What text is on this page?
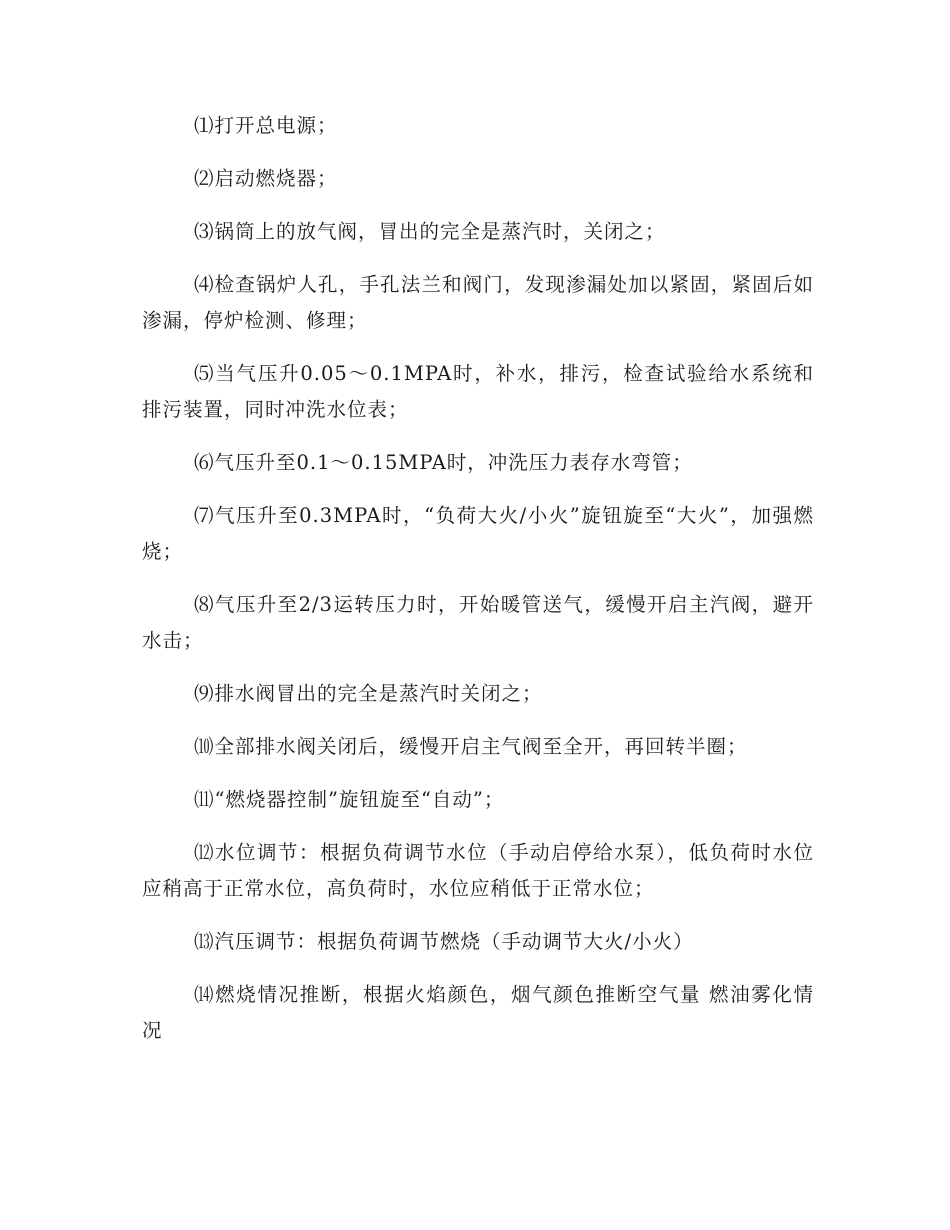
⑴打开总电源；

⑵启动燃烧器；

⑶锅筒上的放气阀，冒出的完全是蒸汽时，关闭之；

⑷检查锅炉人孔，手孔法兰和阀门，发现渗漏处加以紧固，紧固后如渗漏，停炉检测、修理；

⑸当气压升0.05～0.1MPA时，补水，排污，检查试验给水系统和排污装置，同时冲洗水位表；

⑹气压升至0.1～0.15MPA时，冲洗压力表存水弯管；

⑺气压升至0.3MPA时，“负荷大火/小火”旋钮旋至“大火”，加强燃烧；

⑻气压升至2/3运转压力时，开始暖管送气，缓慢开启主汽阀，避开水击；

⑼排水阀冒出的完全是蒸汽时关闭之；

⑽全部排水阀关闭后，缓慢开启主气阀至全开，再回转半圈；

⑾“燃烧器控制”旋钮旋至“自动”；

⑿水位调节：根据负荷调节水位（手动启停给水泵），低负荷时水位应稍高于正常水位，高负荷时，水位应稍低于正常水位；

⒀汽压调节：根据负荷调节燃烧（手动调节大火/小火）

⒁燃烧情况推断，根据火焰颜色，烟气颜色推断空气量 燃油雾化情况
